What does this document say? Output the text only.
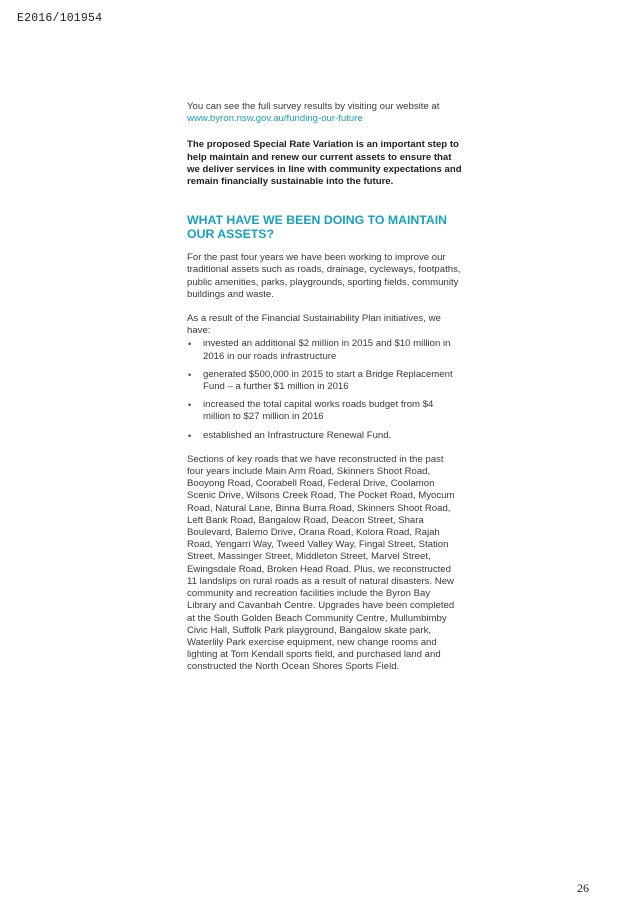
E2016/101954

You can see the full survey results by visiting our website at www.byron.nsw.gov.au/funding-our-future

The proposed Special Rate Variation is an important step to help maintain and renew our current assets to ensure that we deliver services in line with community expectations and remain financially sustainable into the future.

WHAT HAVE WE BEEN DOING TO MAINTAIN OUR ASSETS?

For the past four years we have been working to improve our traditional assets such as roads, drainage, cycleways, footpaths, public amenities, parks, playgrounds, sporting fields, community buildings and waste.

As a result of the Financial Sustainability Plan initiatives, we have:

• invested an additional $2 million in 2015 and $10 million in 2016 in our roads infrastructure
• generated $500,000 in 2015 to start a Bridge Replacement Fund – a further $1 million in 2016
• increased the total capital works roads budget from $4 million to $27 million in 2016
• established an Infrastructure Renewal Fund.

Sections of key roads that we have reconstructed in the past four years include Main Arm Road, Skinners Shoot Road, Booyong Road, Coorabell Road, Federal Drive, Coolamon Scenic Drive, Wilsons Creek Road, The Pocket Road, Myocum Road, Natural Lane, Binna Burra Road, Skinners Shoot Road, Left Bank Road, Bangalow Road, Deacon Street, Shara Boulevard, Balemo Drive, Orana Road, Kolora Road, Rajah Road, Yengarri Way, Tweed Valley Way, Fingal Street, Station Street, Massinger Street, Middleton Street, Marvel Street, Ewingsdale Road, Broken Head Road. Plus, we reconstructed 11 landslips on rural roads as a result of natural disasters. New community and recreation facilities include the Byron Bay Library and Cavanbah Centre. Upgrades have been completed at the South Golden Beach Community Centre, Mullumbimby Civic Hall, Suffolk Park playground, Bangalow skate park, Waterlily Park exercise equipment, new change rooms and lighting at Tom Kendall sports field, and purchased land and constructed the North Ocean Shores Sports Field.

26
